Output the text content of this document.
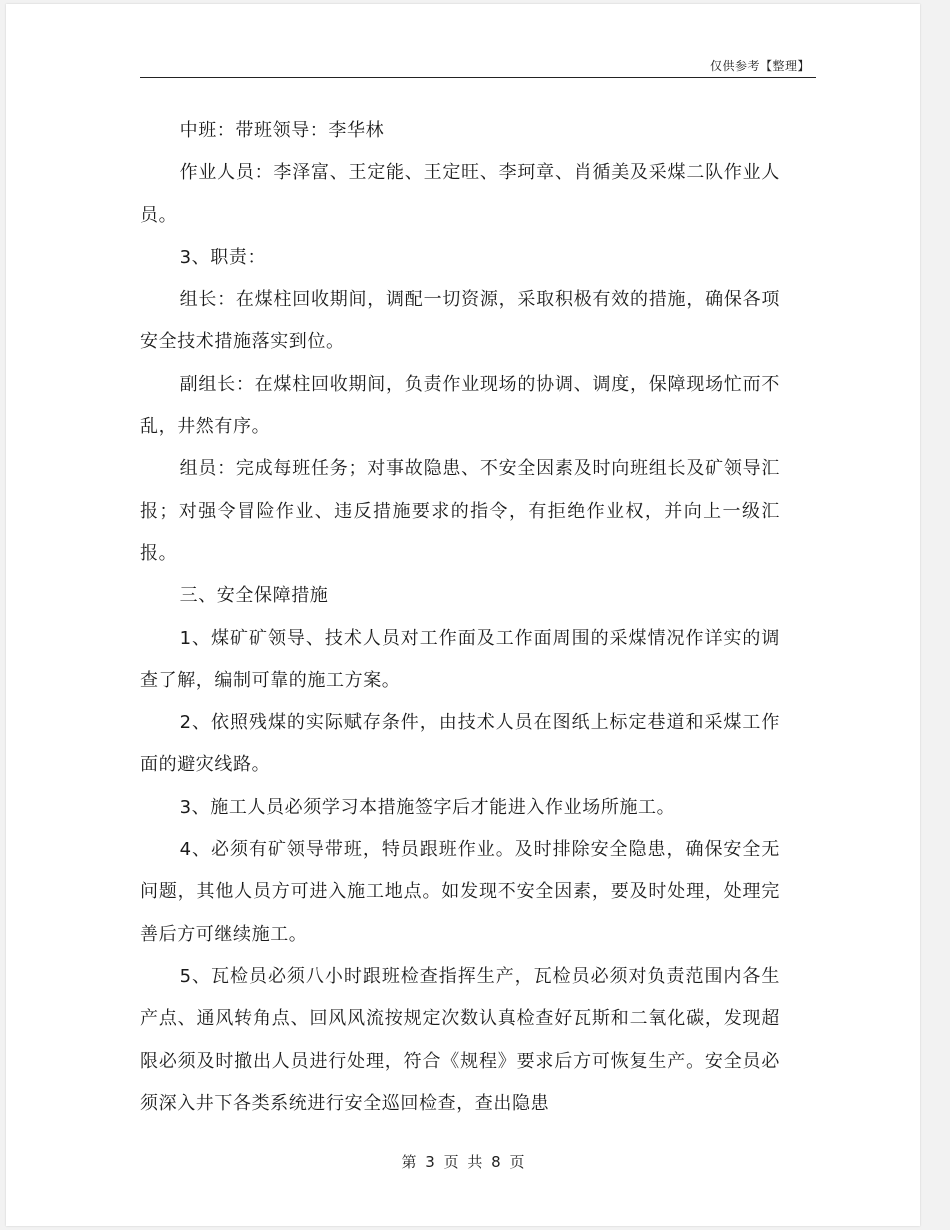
仅供参考【整理】

中班：带班领导：李华林

作业人员：李泽富、王定能、王定旺、李珂章、肖循美及采煤二队作业人员。

3、职责：

组长：在煤柱回收期间，调配一切资源，采取积极有效的措施，确保各项安全技术措施落实到位。

副组长：在煤柱回收期间，负责作业现场的协调、调度，保障现场忙而不乱，井然有序。

组员：完成每班任务；对事故隐患、不安全因素及时向班组长及矿领导汇报；对强令冒险作业、违反措施要求的指令，有拒绝作业权，并向上一级汇报。

三、安全保障措施

1、煤矿矿领导、技术人员对工作面及工作面周围的采煤情况作详实的调查了解，编制可靠的施工方案。

2、依照残煤的实际赋存条件，由技术人员在图纸上标定巷道和采煤工作面的避灾线路。

3、施工人员必须学习本措施签字后才能进入作业场所施工。

4、必须有矿领导带班，特员跟班作业。及时排除安全隐患，确保安全无问题，其他人员方可进入施工地点。如发现不安全因素，要及时处理，处理完善后方可继续施工。

5、瓦检员必须八小时跟班检查指挥生产，瓦检员必须对负责范围内各生产点、通风转角点、回风风流按规定次数认真检查好瓦斯和二氧化碳，发现超限必须及时撤出人员进行处理，符合《规程》要求后方可恢复生产。安全员必须深入井下各类系统进行安全巡回检查，查出隐患

第 3 页 共 8 页
